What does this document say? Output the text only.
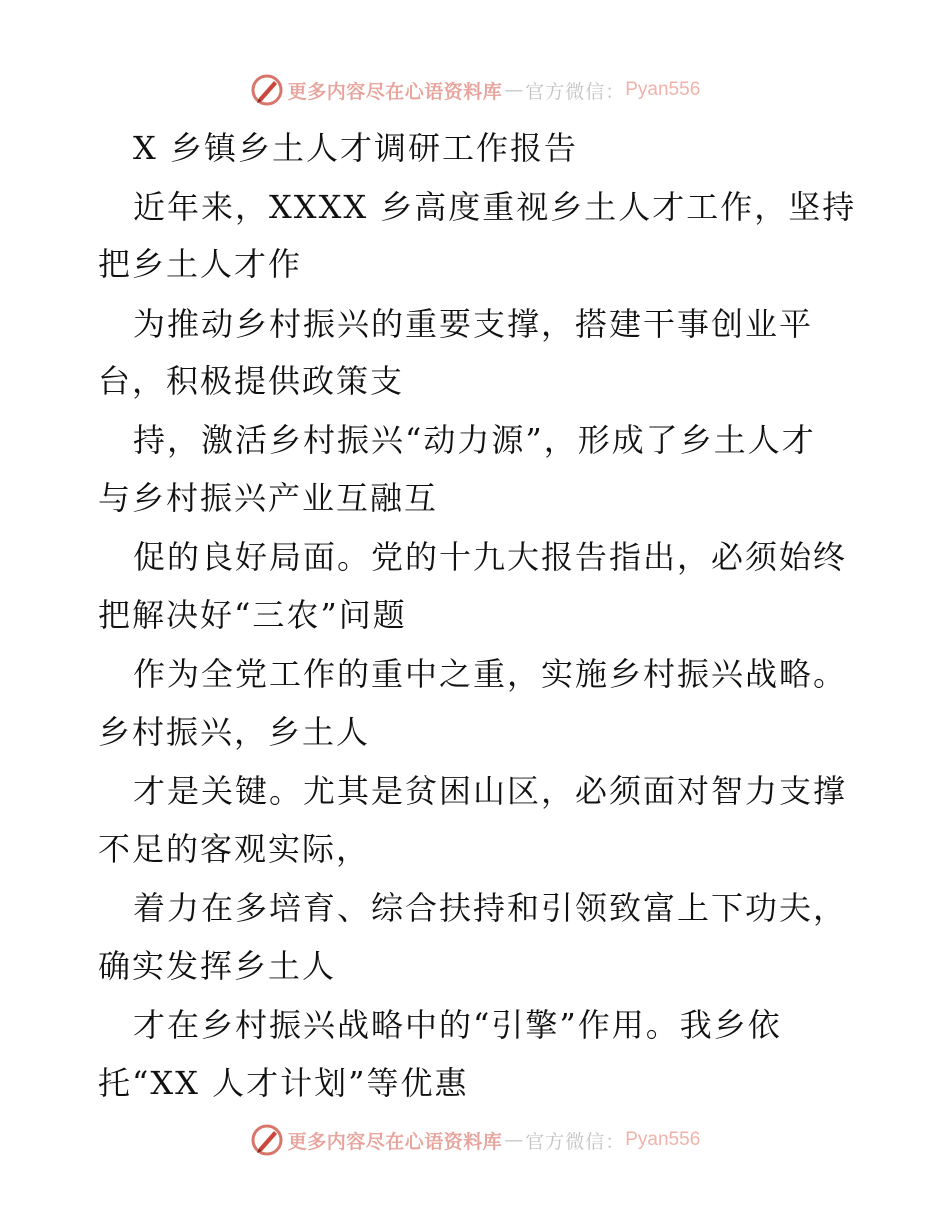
更多内容尽在心语资料库 — 官方微信： Pyan556
X 乡镇乡土人才调研工作报告
近年来，XXXX 乡高度重视乡土人才工作，坚持
把乡土人才作
为推动乡村振兴的重要支撑，搭建干事创业平
台，积极提供政策支
持，激活乡村振兴“动力源”，形成了乡土人才
与乡村振兴产业互融互
促的良好局面。党的十九大报告指出，必须始终
把解决好“三农”问题
作为全党工作的重中之重，实施乡村振兴战略。
乡村振兴，乡土人
才是关键。尤其是贫困山区，必须面对智力支撑
不足的客观实际，
着力在多培育、综合扶持和引领致富上下功夫，
确实发挥乡土人
才在乡村振兴战略中的“引擎”作用。我乡依
托“XX 人才计划”等优惠
更多内容尽在心语资料库 — 官方微信： Pyan556
